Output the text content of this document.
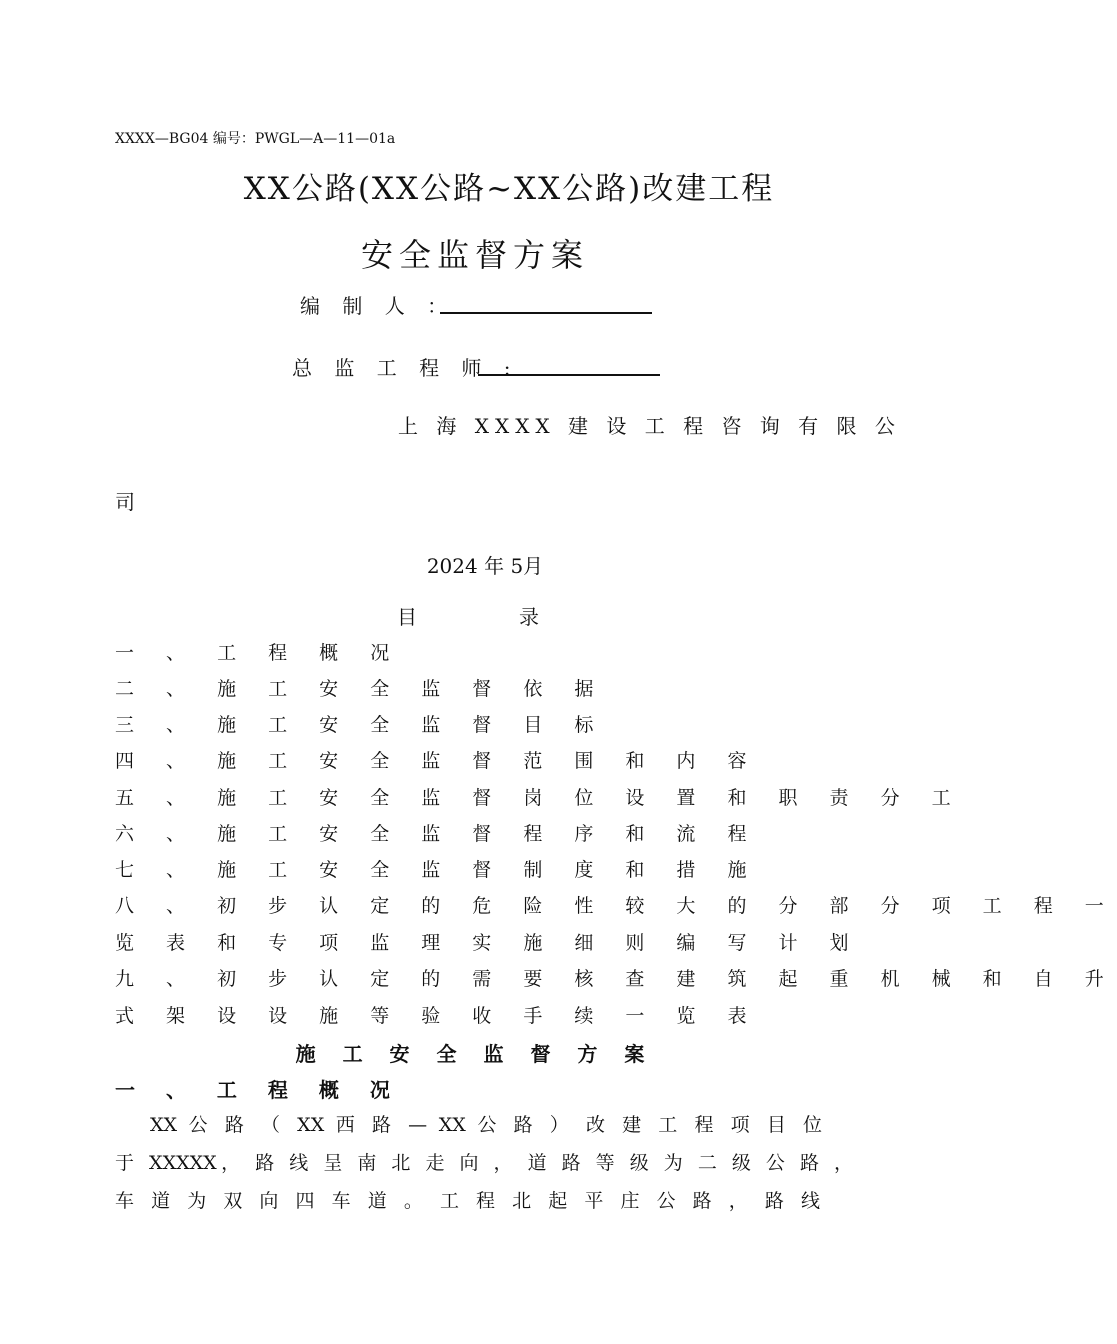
XXXX—BG04 编号：PWGL—A—11—01a
XX公路(XX公路~XX公路)改建工程
安全监督方案
编 制 人 ：
总 监 工 程 师 :
上 海 XXXX 建 设 工 程 咨 询 有 限 公
司
2024 年 5月
目	录
一 、 工 程 概 况
二 、 施 工 安 全 监 督 依 据
三 、 施 工 安 全 监 督 目 标
四 、 施 工 安 全 监 督 范 围 和 内 容
五 、 施 工 安 全 监 督 岗 位 设 置 和 职 责 分 工
六 、 施 工 安 全 监 督 程 序 和 流 程
七 、 施 工 安 全 监 督 制 度 和 措 施
八 、 初 步 认 定 的 危 险 性 较 大 的 分 部 分 项 工 程 一
览 表 和 专 项 监 理 实 施 细 则 编 写 计 划
九 、 初 步 认 定 的 需 要 核 查 建 筑 起 重 机 械 和 自 升
式 架 设 设 施 等 验 收 手 续 一 览 表
施 工 安 全 监 督 方 案
一 、 工 程 概 况
XX 公 路 （ XX 西 路 — XX 公 路 ） 改 建 工 程 项 目 位
于 XXXXX， 路 线 呈 南 北 走 向 ， 道 路 等 级 为 二 级 公 路 ，
车 道 为 双 向 四 车 道 。 工 程 北 起 平 庄 公 路 ， 路 线
